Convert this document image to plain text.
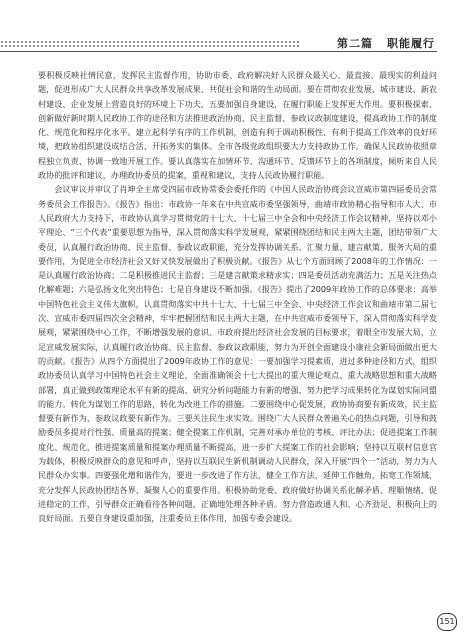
第二篇 职能履行

要积极反映社情民意，发挥民主监督作用，协助市委、政府解决好人民群众最关心、最直接、最现实的利益问题，促进形成广大人民群众共享改革发展成果、共促社会和谐的生动局面。要在贯彻农业发展、城市建设、新农村建设、企业发展上营造良好的环境上下功夫，五要加强自身建设，在履行职能上发挥更大作用。要积极探索、创新做好新时期人民政协工作的途径和方法推进政治协商、民主监督、参政议政制度建设，提高政协工作的制度化、规范化和程序化水平。建立起科学有序的工作机制，创造有利于调动积极性、有利于提高工作效率的良好环境，把政协组织建设成结合活、开拓务实的集体。全市各级党政组织要大力支持政协工作，确保人民政协依照章程独立负责、协调一致地开展工作。要认真落实在加情环节、沟通环节、反馈环节上的各项制度，倾听来自人民政协的批评和建议，办理政协委员的提案，重视和建议，支持人民政协履行职能。

会议审议并审议了肖坤全主席受四届市政协常委会委托作的《中国人民政治协商会议宣威市第四届委员会常务委员会工作报告》。《报告》指出：市政协一年来在中共宣威市委坚强领导，曲靖市政协精心指导和市人大、市人民政府大力支持下，市政协认真学习贯彻党的十七大、十七届三中全会和中央经济工作会议精神，坚持以邓小平理论、“三个代表”重要思想为指导，深入贯彻落实科学发展观，紧紧围绕团结和民主两大主题，团结带领广大委员，认真履行政治协商、民主监督、参政议政职能，充分发挥协调关系、汇聚力量、建言献策、服务大局的重要作用，为促进全市经济社会又好又快发展做出了积极贡献。《报告》从七个方面回顾了2008年的工作情况：一是认真履行政治协商；二是积极推进民主监督；三是建言献策求精求实；四是委员活动充满活力；五是关注热点化解难题；六是弘扬文化突出特色；七是自身建设不断加强。《报告》提出了2009年政协工作的总体要求：高举中国特色社会主义伟大旗帜，认真贯彻落实中共十七大、十七届三中全会、中央经济工作会议和曲靖市第二届七次、宣威市委四届四次全会精神，牢牢把握团结和民主两大主题，在中共宣威市委领导下，深入贯彻落实科学发展观，紧紧围绕中心工作，不断增强发展的意识、市政府提出经济社会发展的目标要求，着眼全市发展大局，立足宣威发展实际，认真履行政治协商、民主监督、参政议政职能，努力为开创全面建设小康社会新局面做出更大的贡献。《报告》从四个方面提出了2009年政协工作的意见：一要加强学习提素质，进过多种途径和方式，组织政协委员认真学习中国特色社会主义理论，全面准确领会十七大提出的重大理论观点、重大战略思想和重大战略部署，真正做到政策理论水平有新的提高、研究分析问题能力有新的增强、努力把学习成果转化为谋划实际同盟的能力。转化为谋划工作的思路，转化为改进工作的措施。二要围绕中心促发展，政协协商要有新成效，民主监督要有新作为，参政议政要有新作为。三要关注民生求实效。围绕广大人民群众普遍关心的热点问题，引导和鼓励委员多提对行性强、质量高的提案；健全提案工作机制，完善对承办单位的考核、评比办法；促进提案工作制度化、规范化，推进提案质量和提案办理质量不断提高，进一步扩大提案工作的社会影响；坚持以互联村信息官为载体，积极反映群众的意见和呼声，坚持以互联民生新机制调动人民群众，深入开展“四个一”活动，努力为人民群众办实事。四要强化增和谐作为，要进一步改进了作方法，健全工作方法，延伸工作触角，拓宽工作领域，充分发挥人民政协团结各界、凝聚人心的重要作用。积极协助党委、政府做好协调关系化解矛盾、理顺情绪、促进稳定的工作，引导群众正确看待各种问题，正确地处理各种矛盾。努力营造政通人和、心齐劲足、积极向上的良好局面。五要自身建设重加强，注重委员主体作用，加强专委会建设。

151
